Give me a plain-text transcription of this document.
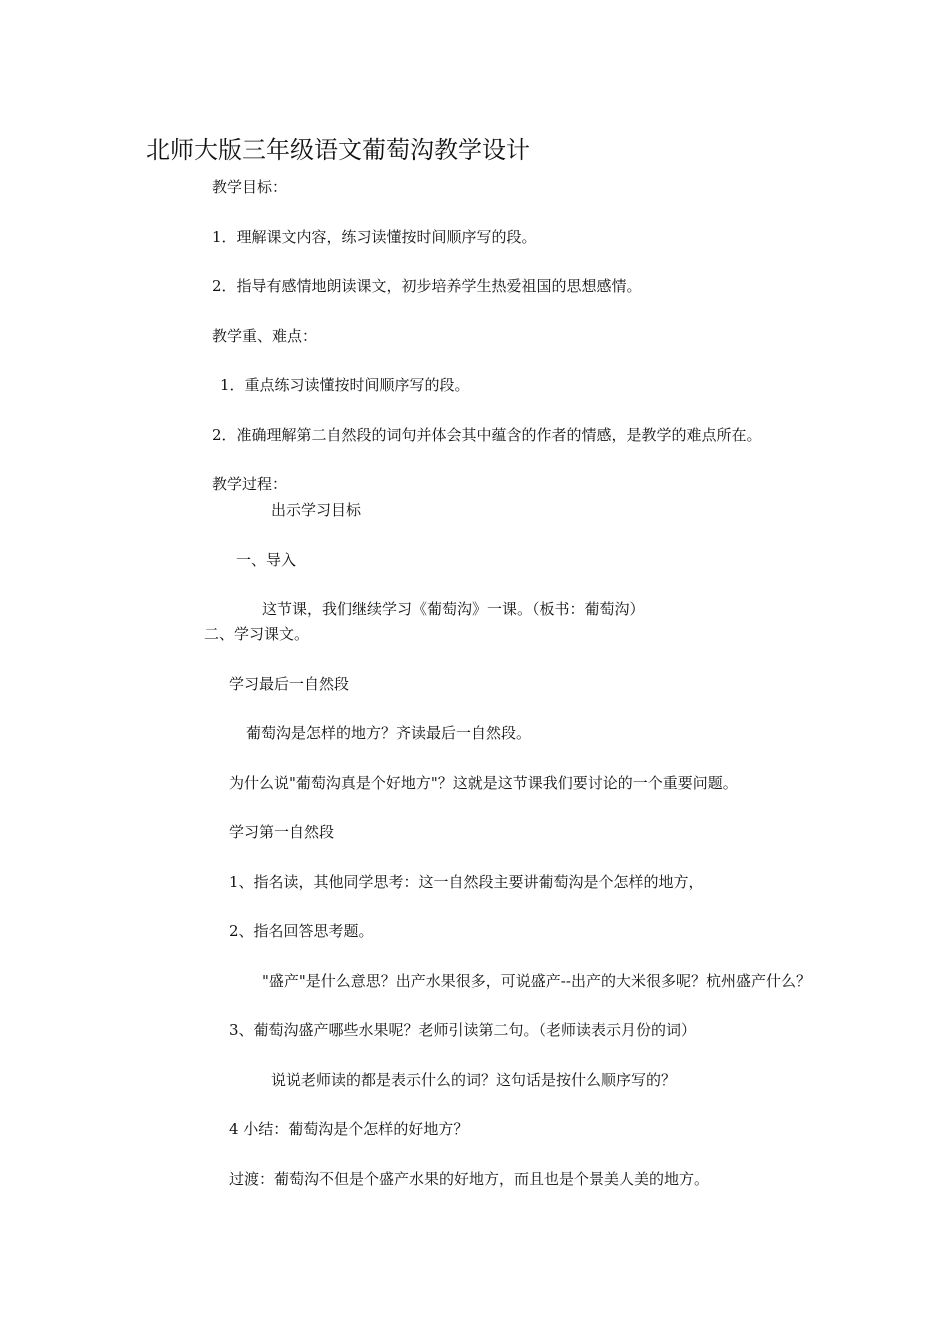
北师大版三年级语文葡萄沟教学设计
教学目标：
1．理解课文内容，练习读懂按时间顺序写的段。
2．指导有感情地朗读课文，初步培养学生热爱祖国的思想感情。
教学重、难点：
1．重点练习读懂按时间顺序写的段。
2．准确理解第二自然段的词句并体会其中蕴含的作者的情感，是教学的难点所在。
教学过程：
出示学习目标
一、导入
这节课，我们继续学习《葡萄沟》一课。（板书：葡萄沟）
二、学习课文。
学习最后一自然段
葡萄沟是怎样的地方？齐读最后一自然段。
为什么说"葡萄沟真是个好地方"？这就是这节课我们要讨论的一个重要问题。
学习第一自然段
1、指名读，其他同学思考：这一自然段主要讲葡萄沟是个怎样的地方，
2、指名回答思考题。
"盛产"是什么意思？出产水果很多，可说盛产--出产的大米很多呢？杭州盛产什么？
3、葡萄沟盛产哪些水果呢？老师引读第二句。（老师读表示月份的词）
说说老师读的都是表示什么的词？这句话是按什么顺序写的？
4 小结：葡萄沟是个怎样的好地方？
过渡：葡萄沟不但是个盛产水果的好地方，而且也是个景美人美的地方。
